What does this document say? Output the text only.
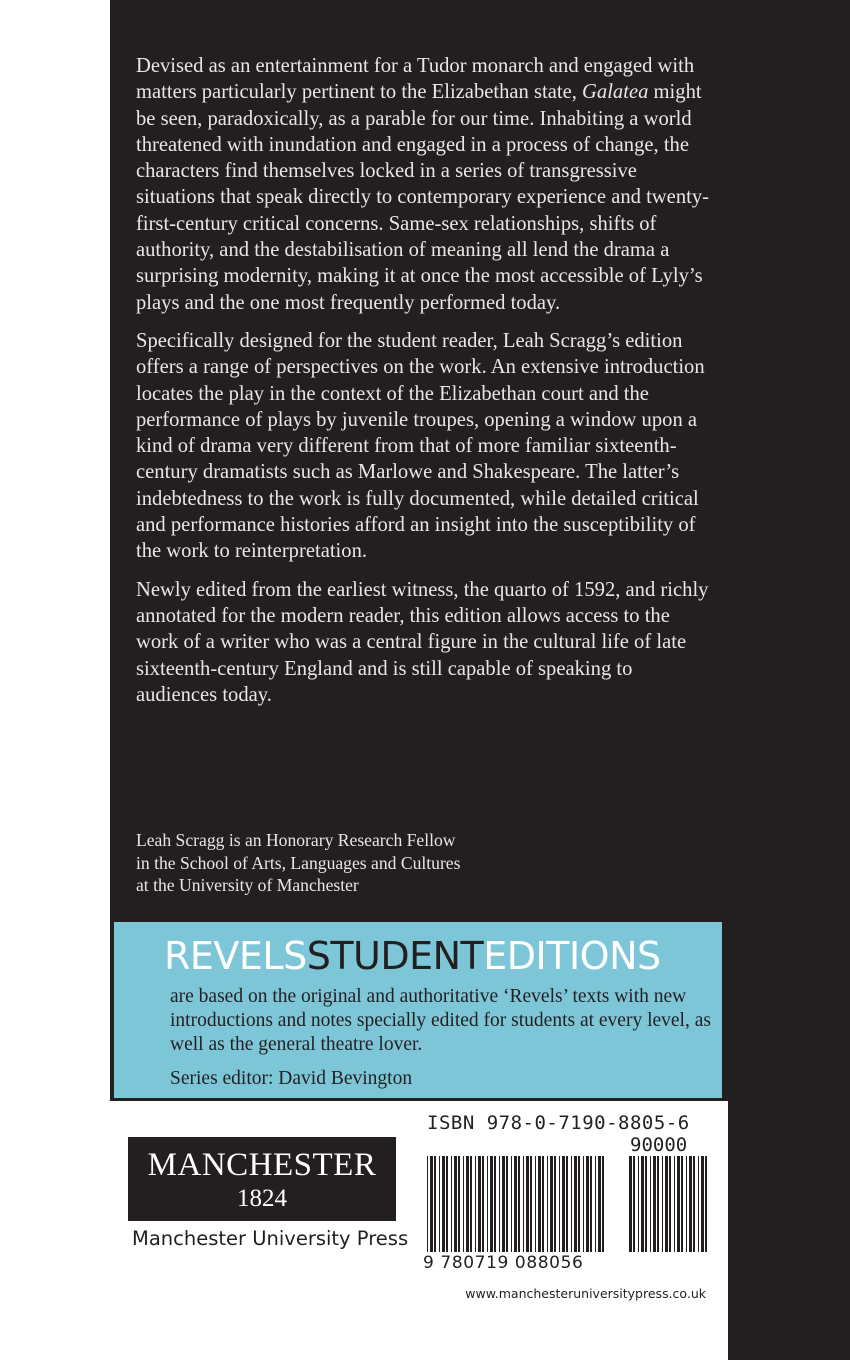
Devised as an entertainment for a Tudor monarch and engaged with matters particularly pertinent to the Elizabethan state, Galatea might be seen, paradoxically, as a parable for our time. Inhabiting a world threatened with inundation and engaged in a process of change, the characters find themselves locked in a series of transgressive situations that speak directly to contemporary experience and twenty-first-century critical concerns. Same-sex relationships, shifts of authority, and the destabilisation of meaning all lend the drama a surprising modernity, making it at once the most accessible of Lyly’s plays and the one most frequently performed today.

Specifically designed for the student reader, Leah Scragg’s edition offers a range of perspectives on the work. An extensive introduction locates the play in the context of the Elizabethan court and the performance of plays by juvenile troupes, opening a window upon a kind of drama very different from that of more familiar sixteenth-century dramatists such as Marlowe and Shakespeare. The latter’s indebtedness to the work is fully documented, while detailed critical and performance histories afford an insight into the susceptibility of the work to reinterpretation.

Newly edited from the earliest witness, the quarto of 1592, and richly annotated for the modern reader, this edition allows access to the work of a writer who was a central figure in the cultural life of late sixteenth-century England and is still capable of speaking to audiences today.

Leah Scragg is an Honorary Research Fellow
in the School of Arts, Languages and Cultures
at the University of Manchester
REVELSSTUDENTEDITIONS
are based on the original and authoritative ‘Revels’ texts with new introductions and notes specially edited for students at every level, as well as the general theatre lover.
Series editor: David Bevington
MANCHESTER
1824
Manchester University Press
ISBN 978-0-7190-8805-6
90000
9 780719 088056
www.manchesteruniversitypress.co.uk
